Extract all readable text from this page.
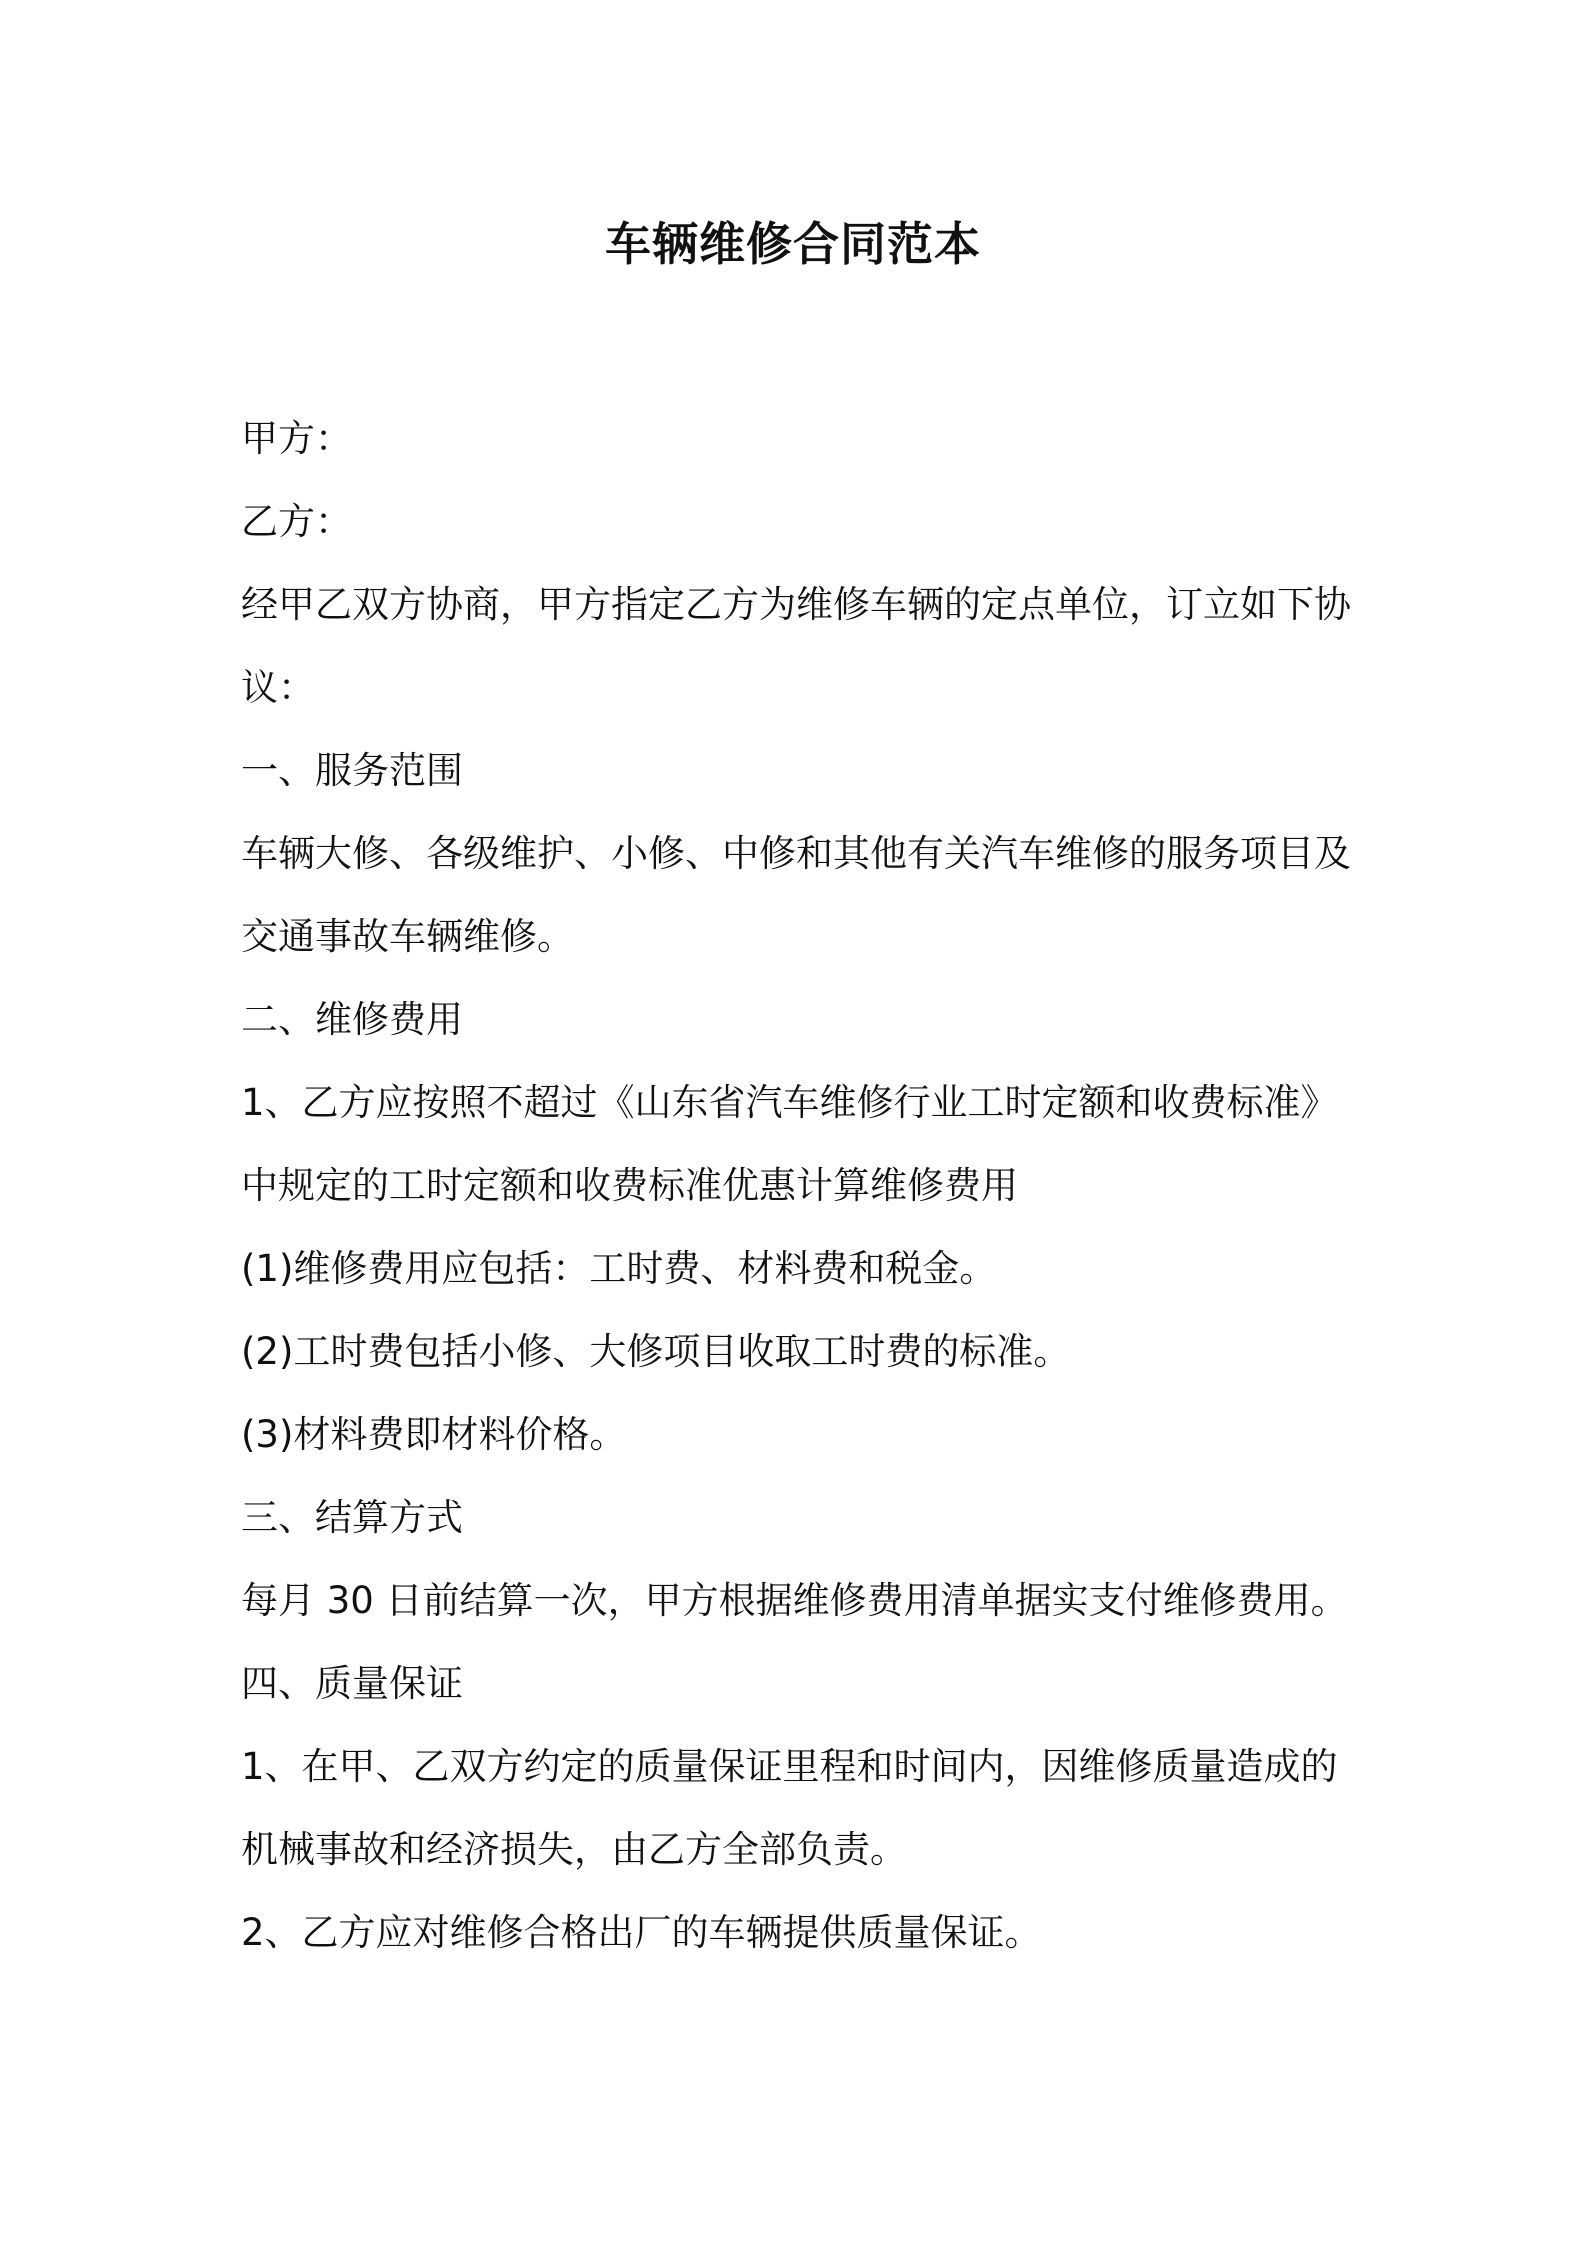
车辆维修合同范本
甲方：
乙方：
经甲乙双方协商，甲方指定乙方为维修车辆的定点单位，订立如下协
议：
一、服务范围
车辆大修、各级维护、小修、中修和其他有关汽车维修的服务项目及
交通事故车辆维修。
二、维修费用
1、乙方应按照不超过《山东省汽车维修行业工时定额和收费标准》
中规定的工时定额和收费标准优惠计算维修费用
(1)维修费用应包括：工时费、材料费和税金。
(2)工时费包括小修、大修项目收取工时费的标准。
(3)材料费即材料价格。
三、结算方式
每月 30 日前结算一次，甲方根据维修费用清单据实支付维修费用。
四、质量保证
1、在甲、乙双方约定的质量保证里程和时间内，因维修质量造成的
机械事故和经济损失，由乙方全部负责。
2、乙方应对维修合格出厂的车辆提供质量保证。
